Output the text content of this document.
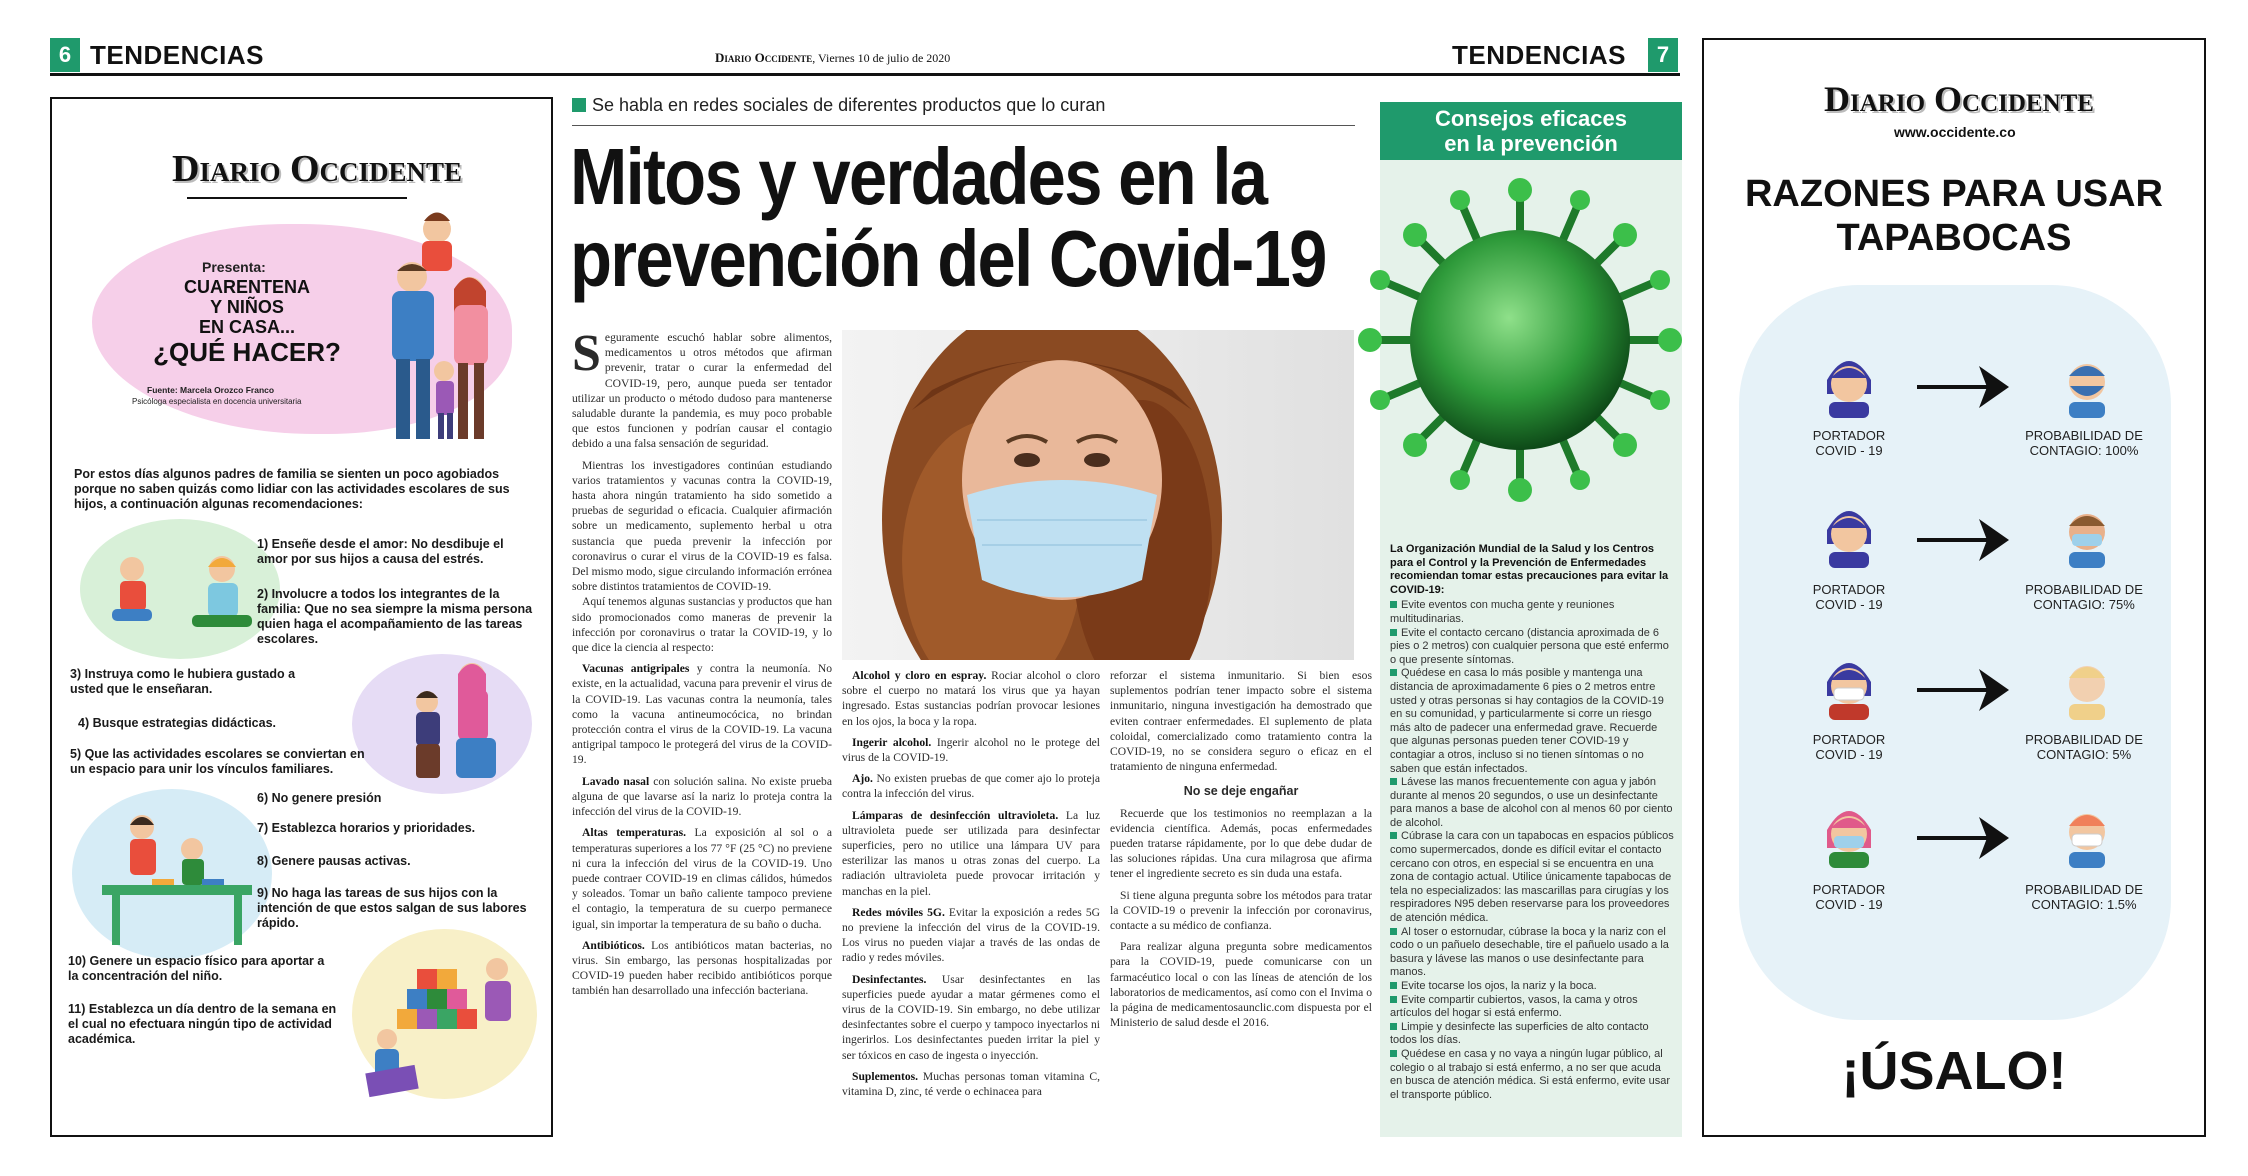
6 TENDENCIAS	Diario Occidente, Viernes 10 de julio de 2020	TENDENCIAS	7
Diario Occidente
Presenta:
CUARENTENA
Y NIÑOS
EN CASA...
¿QUÉ HACER?
Fuente: Marcela Orozco Franco
Psicóloga especialista en docencia universitaria
Por estos días algunos padres de familia se sienten un poco agobiados porque no saben quizás como lidiar con las actividades escolares de sus hijos, a continuación algunas recomendaciones:
1) Enseñe desde el amor: No desdibuje el amor por sus hijos a causa del estrés.
2) Involucre a todos los integrantes de la familia: Que no sea siempre la misma persona quien haga el acompañamiento de las tareas escolares.
3) Instruya como le hubiera gustado a usted que le enseñaran.
4) Busque estrategias didácticas.
5) Que las actividades escolares se conviertan en un espacio para unir los vínculos familiares.
6) No genere presión
7) Establezca horarios y prioridades.
8) Genere pausas activas.
9) No haga las tareas de sus hijos con la intención de que estos salgan de sus labores rápido.
10) Genere un espacio físico para aportar a la concentración del niño.
11) Establezca un día dentro de la semana en el cual no efectuara ningún tipo de actividad académica.
Se habla en redes sociales de diferentes productos que lo curan
Mitos y verdades en la
prevención del Covid-19
S eguramente escuchó hablar sobre alimentos, medicamentos u otros métodos que afirman prevenir, tratar o curar la enfermedad del COVID-19, pero, aunque pueda ser tentador utilizar un producto o método dudoso para mantenerse saludable durante la pandemia, es muy poco probable que estos funcionen y podrían causar el contagio debido a una falsa sensación de seguridad.

Mientras los investigadores continúan estudiando varios tratamientos y vacunas contra la COVID-19, hasta ahora ningún tratamiento ha sido sometido a pruebas de seguridad o eficacia. Cualquier afirmación sobre un medicamento, suplemento herbal u otra sustancia que pueda prevenir la infección por coronavirus o curar el virus de la COVID-19 es falsa. Del mismo modo, sigue circulando información errónea sobre distintos tratamientos de COVID-19.

Aquí tenemos algunas sustancias y productos que han sido promocionados como maneras de prevenir la infección por coronavirus o tratar la COVID-19, y lo que dice la ciencia al respecto:

Vacunas antigripales y contra la neumonía. No existe, en la actualidad, vacuna para prevenir el virus de la COVID-19. Las vacunas contra la neumonía, tales como la vacuna antineumocócica, no brindan protección contra el virus de la COVID-19. La vacuna antigripal tampoco le protegerá del virus de la COVID-19.

Lavado nasal con solución salina. No existe prueba alguna de que lavarse así la nariz lo proteja contra la infección del virus de la COVID-19.

Altas temperaturas. La exposición al sol o a temperaturas superiores a los 77 °F (25 °C) no previene ni cura la infección del virus de la COVID-19. Uno puede contraer COVID-19 en climas cálidos, húmedos y soleados. Tomar un baño caliente tampoco previene el contagio, la temperatura de su cuerpo permanece igual, sin importar la temperatura de su baño o ducha.

Antibióticos. Los antibióticos matan bacterias, no virus. Sin embargo, las personas hospitalizadas por COVID-19 pueden haber recibido antibióticos porque también han desarrollado una infección bacteriana.

Alcohol y cloro en espray. Rociar alcohol o cloro sobre el cuerpo no matará los virus que ya hayan ingresado. Estas sustancias podrían provocar lesiones en los ojos, la boca y la ropa.

Ingerir alcohol. Ingerir alcohol no le protege del virus de la COVID-19.

Ajo. No existen pruebas de que comer ajo lo proteja contra la infección del virus.

Lámparas de desinfección ultravioleta. La luz ultravioleta puede ser utilizada para desinfectar superficies, pero no utilice una lámpara UV para esterilizar las manos u otras zonas del cuerpo. La radiación ultravioleta puede provocar irritación y manchas en la piel.

Redes móviles 5G. Evitar la exposición a redes 5G no previene la infección del virus de la COVID-19. Los virus no pueden viajar a través de las ondas de radio y redes móviles.

Desinfectantes. Usar desinfectantes en las superficies puede ayudar a matar gérmenes como el virus de la COVID-19. Sin embargo, no debe utilizar desinfectantes sobre el cuerpo y tampoco inyectarlos ni ingerirlos. Los desinfectantes pueden irritar la piel y ser tóxicos en caso de ingesta o inyección.

Suplementos. Muchas personas toman vitamina C, vitamina D, zinc, té verde o echinacea para

reforzar el sistema inmunitario. Si bien esos suplementos podrían tener impacto sobre el sistema inmunitario, ninguna investigación ha demostrado que eviten contraer enfermedades. El suplemento de plata coloidal, comercializado como tratamiento contra la COVID-19, no se considera seguro o eficaz en el tratamiento de ninguna enfermedad.
No se deje engañar

Recuerde que los testimonios no reemplazan a la evidencia científica. Además, pocas enfermedades pueden tratarse rápidamente, por lo que debe dudar de las soluciones rápidas. Una cura milagrosa que afirma tener el ingrediente secreto es sin duda una estafa.

Si tiene alguna pregunta sobre los métodos para tratar la COVID-19 o prevenir la infección por coronavirus, contacte a su médico de confianza.

Para realizar alguna pregunta sobre medicamentos para la COVID-19, puede comunicarse con un farmacéutico local o con las líneas de atención de los laboratorios de medicamentos, así como con el Invima o la página de medicamentosaunclic.com dispuesta por el Ministerio de salud desde el 2016.

Consejos eficaces
en la prevención
La Organización Mundial de la Salud y los Centros para el Control y la Prevención de Enfermedades recomiendan tomar estas precauciones para evitar la COVID-19:
Evite eventos con mucha gente y reuniones multitudinarias.
Evite el contacto cercano (distancia aproximada de 6 pies o 2 metros) con cualquier persona que esté enfermo o que presente síntomas.
Quédese en casa lo más posible y mantenga una distancia de aproximadamente 6 pies o 2 metros entre usted y otras personas si hay contagios de la COVID-19 en su comunidad, y particularmente si corre un riesgo más alto de padecer una enfermedad grave. Recuerde que algunas personas pueden tener COVID-19 y contagiar a otros, incluso si no tienen síntomas o no saben que están infectados.
Lávese las manos frecuentemente con agua y jabón durante al menos 20 segundos, o use un desinfectante para manos a base de alcohol con al menos 60 por ciento de alcohol.
Cúbrase la cara con un tapabocas en espacios públicos como supermercados, donde es difícil evitar el contacto cercano con otros, en especial si se encuentra en una zona de contagio actual. Utilice únicamente tapabocas de tela no especializados: las mascarillas para cirugías y los respiradores N95 deben reservarse para los proveedores de atención médica.
Al toser o estornudar, cúbrase la boca y la nariz con el codo o un pañuelo desechable, tire el pañuelo usado a la basura y lávese las manos o use desinfectante para manos.
Evite tocarse los ojos, la nariz y la boca.
Evite compartir cubiertos, vasos, la cama y otros artículos del hogar si está enfermo.
Limpie y desinfecte las superficies de alto contacto todos los días.
Quédese en casa y no vaya a ningún lugar público, al colegio o al trabajo si está enfermo, a no ser que acuda en busca de atención médica. Si está enfermo, evite usar el transporte público.
Diario Occidente
www.occidente.co
RAZONES PARA USAR
TAPABOCAS
PORTADOR
COVID - 19
PROBABILIDAD DE
CONTAGIO: 100%
PORTADOR
COVID - 19
PROBABILIDAD DE
CONTAGIO: 75%
PORTADOR
COVID - 19
PROBABILIDAD DE
CONTAGIO: 5%
PORTADOR
COVID - 19
PROBABILIDAD DE
CONTAGIO: 1.5%
¡ÚSALO!
